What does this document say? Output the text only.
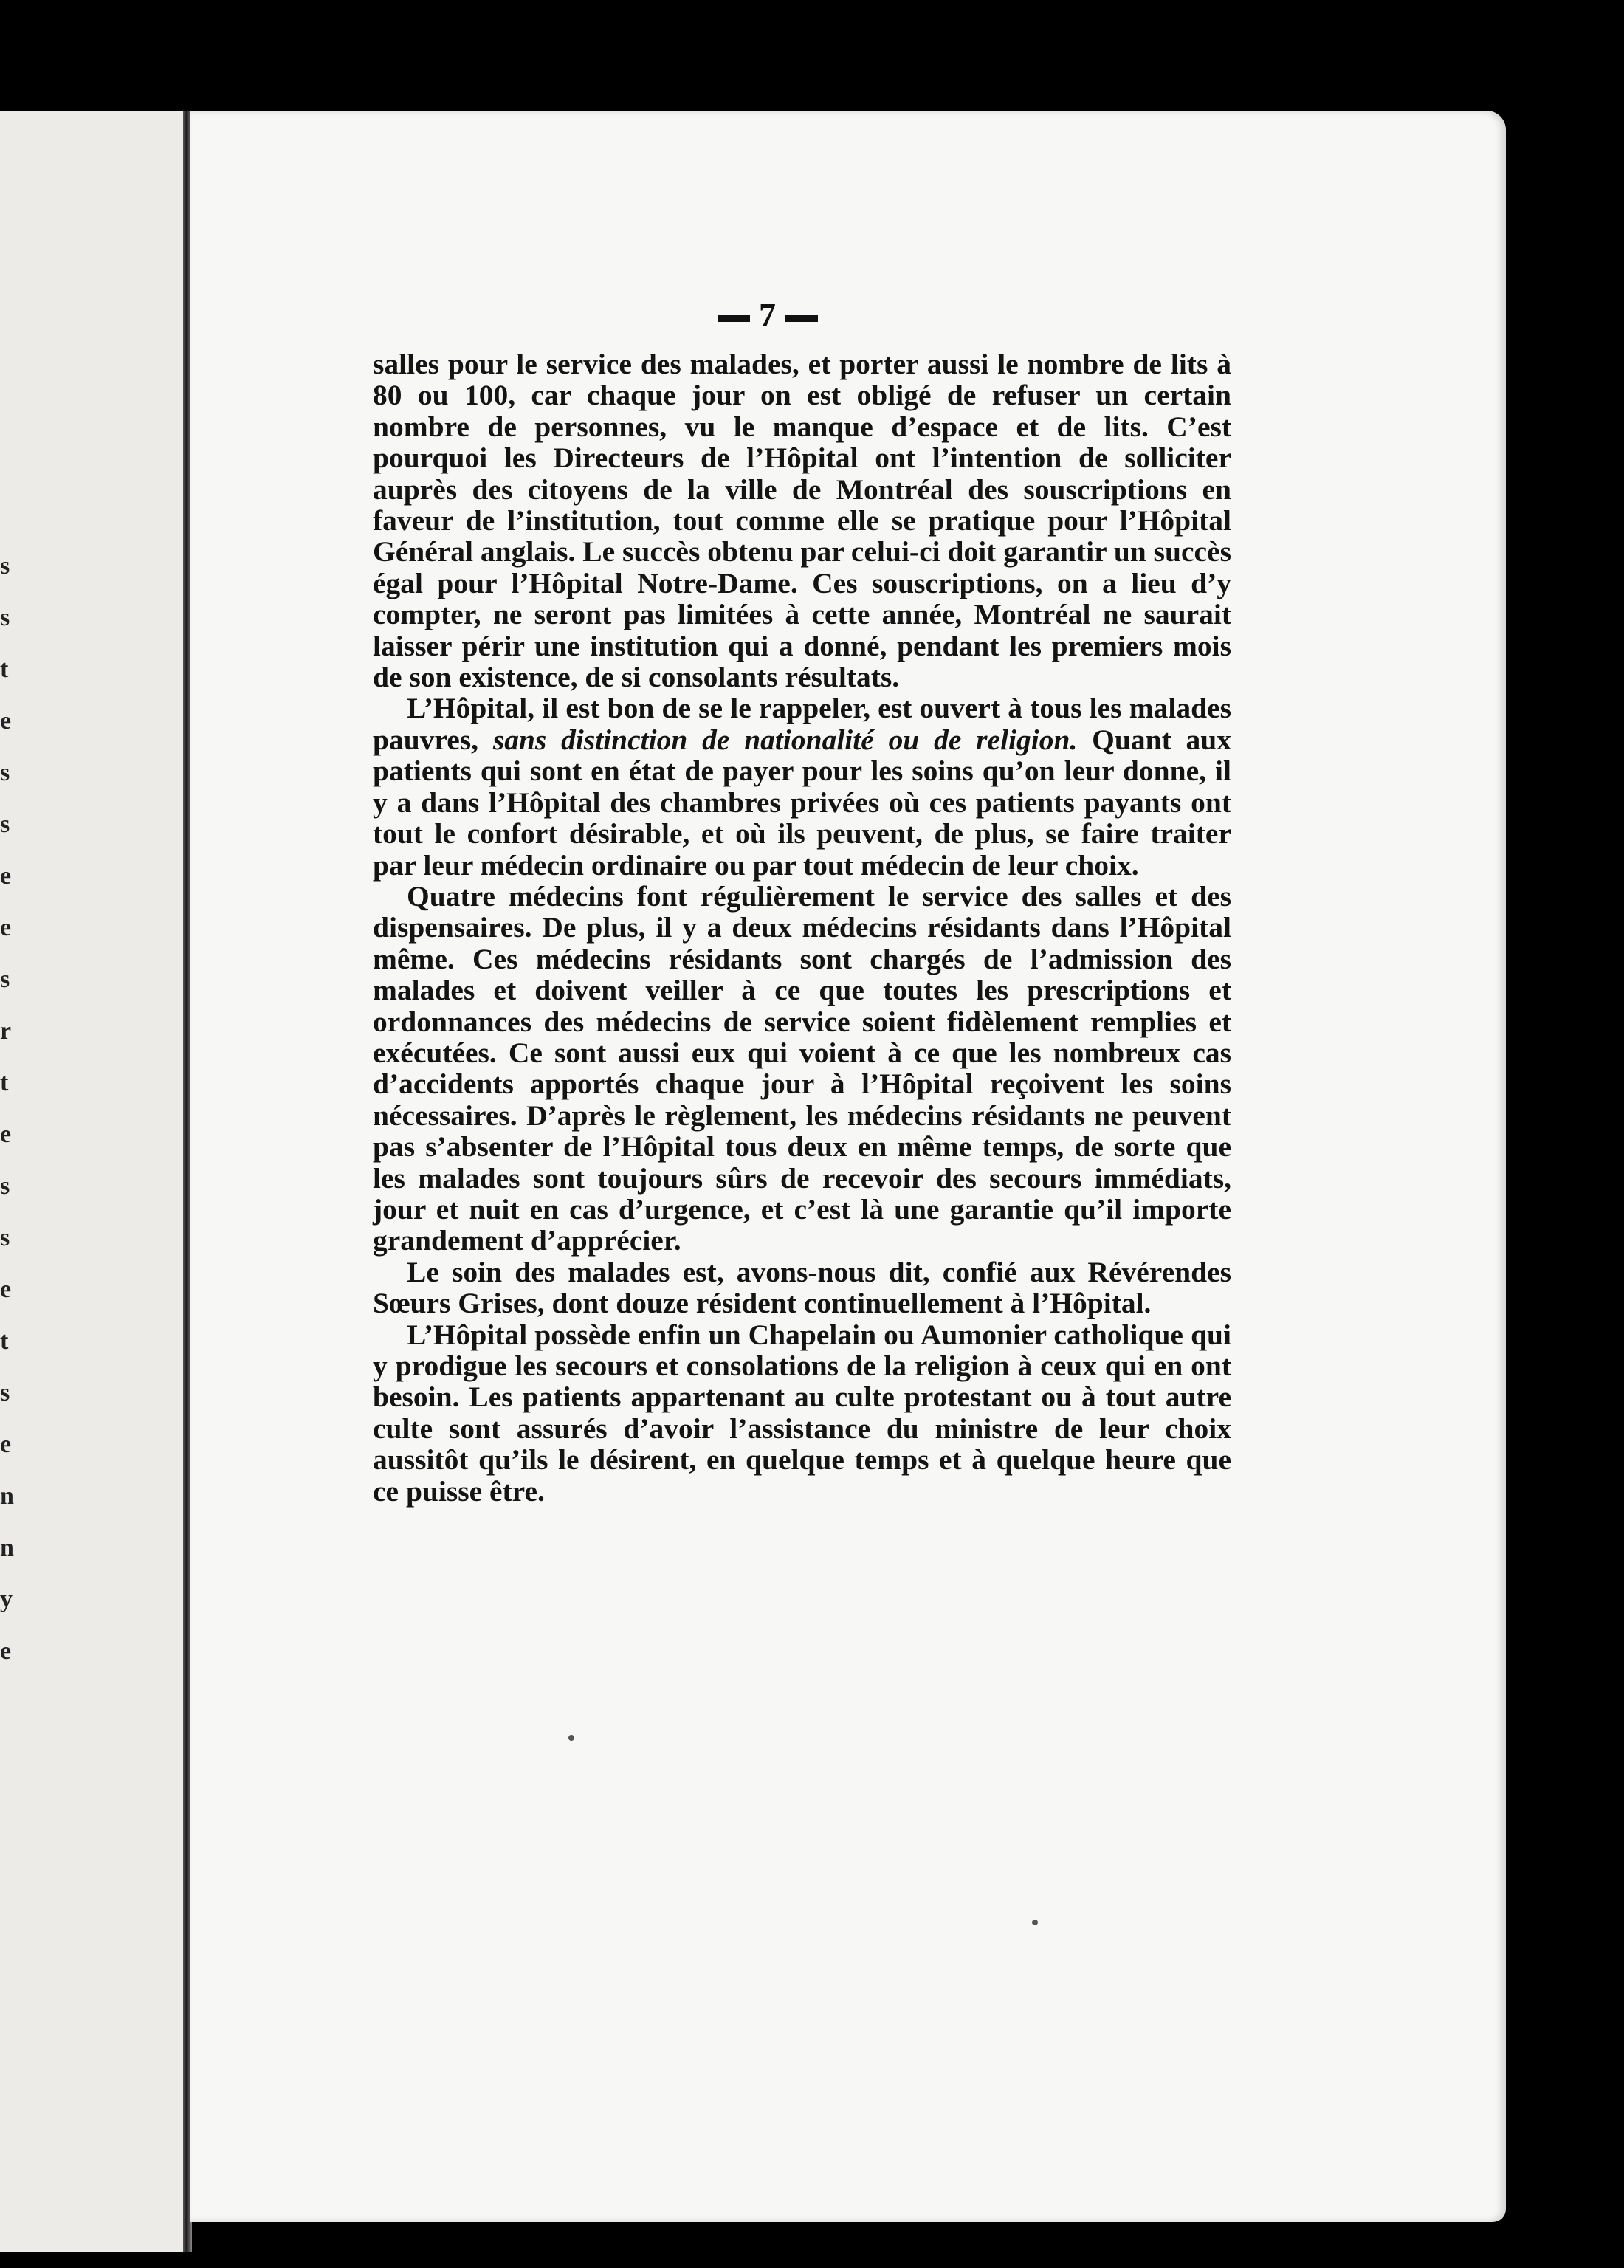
s
s
t
e
s
s
e
e
s
r
t
e
s
s
e
t
s
e
n
n
y
e
7

salles pour le service des malades, et porter aussi le nombre de lits à 80 ou 100, car chaque jour on est obligé de refuser un certain nombre de personnes, vu le manque d’espace et de lits. C’est pourquoi les Directeurs de l’Hôpital ont l’intention de solliciter auprès des citoyens de la ville de Montréal des souscriptions en faveur de l’institution, tout comme elle se pratique pour l’Hôpital Général anglais. Le succès obtenu par celui-ci doit garantir un succès égal pour l’Hôpital Notre-Dame. Ces souscriptions, on a lieu d’y compter, ne seront pas limitées à cette année, Montréal ne saurait laisser périr une institution qui a donné, pendant les premiers mois de son existence, de si consolants résultats.

L’Hôpital, il est bon de se le rappeler, est ouvert à tous les malades pauvres, sans distinction de nationalité ou de religion. Quant aux patients qui sont en état de payer pour les soins qu’on leur donne, il y a dans l’Hôpital des chambres privées où ces patients payants ont tout le confort désirable, et où ils peuvent, de plus, se faire traiter par leur médecin ordinaire ou par tout médecin de leur choix.

Quatre médecins font régulièrement le service des salles et des dispensaires. De plus, il y a deux médecins résidants dans l’Hôpital même. Ces médecins résidants sont chargés de l’admission des malades et doivent veiller à ce que toutes les prescriptions et ordonnances des médecins de service soient fidèlement remplies et exécutées. Ce sont aussi eux qui voient à ce que les nombreux cas d’accidents apportés chaque jour à l’Hôpital reçoivent les soins nécessaires. D’après le règlement, les médecins résidants ne peuvent pas s’absenter de l’Hôpital tous deux en même temps, de sorte que les malades sont toujours sûrs de recevoir des secours immédiats, jour et nuit en cas d’urgence, et c’est là une garantie qu’il importe grandement d’apprécier.

Le soin des malades est, avons-nous dit, confié aux Révérendes Sœurs Grises, dont douze résident continuellement à l’Hôpital.

L’Hôpital possède enfin un Chapelain ou Aumonier catholique qui y prodigue les secours et consolations de la religion à ceux qui en ont besoin. Les patients appartenant au culte protestant ou à tout autre culte sont assurés d’avoir l’assistance du ministre de leur choix aussitôt qu’ils le désirent, en quelque temps et à quelque heure que ce puisse être.
